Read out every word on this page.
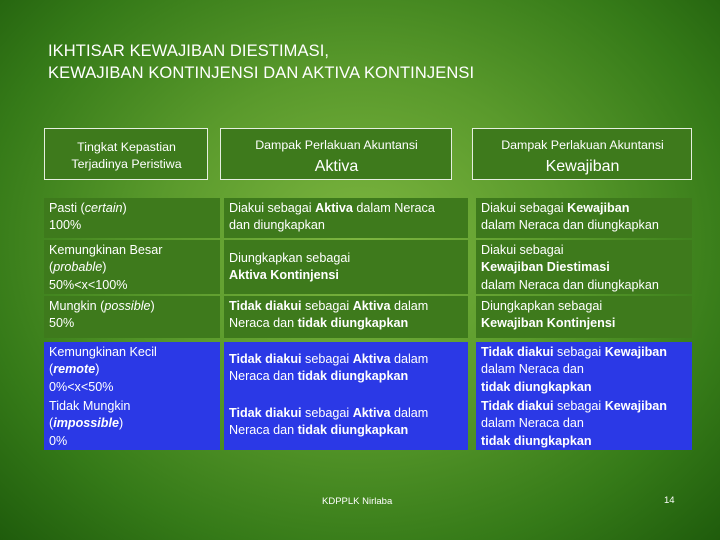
IKHTISAR KEWAJIBAN DIESTIMASI,
KEWAJIBAN KONTINJENSI DAN AKTIVA KONTINJENSI
Tingkat Kepastian
Terjadinya Peristiwa
Dampak Perlakuan Akuntansi
Aktiva
Dampak Perlakuan Akuntansi
Kewajiban
Pasti (certain)
100%
Diakui sebagai Aktiva dalam Neraca
dan diungkapkan
Diakui sebagai Kewajiban
dalam Neraca dan diungkapkan
Kemungkinan Besar
(probable)
50%<x<100%
Diungkapkan sebagai
Aktiva Kontinjensi
Diakui sebagai
Kewajiban Diestimasi
dalam Neraca dan diungkapkan
Mungkin (possible)
50%
Tidak diakui sebagai Aktiva dalam
Neraca dan tidak diungkapkan
Diungkapkan sebagai
Kewajiban Kontinjensi
Kemungkinan Kecil
(remote)
0%<x<50%
Tidak diakui sebagai Aktiva dalam
Neraca dan tidak diungkapkan
Tidak diakui sebagai Kewajiban
dalam Neraca dan
tidak diungkapkan
Tidak Mungkin
(impossible)
0%
Tidak diakui sebagai Aktiva dalam
Neraca dan tidak diungkapkan
Tidak diakui sebagai Kewajiban
dalam Neraca dan
tidak diungkapkan
KDPPLK Nirlaba	14
